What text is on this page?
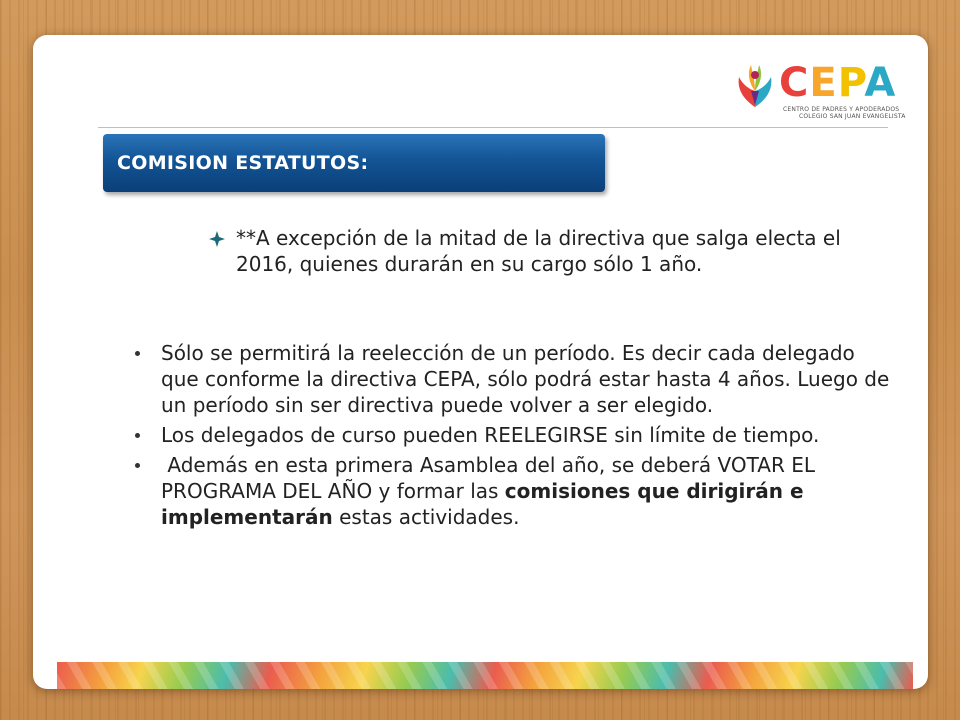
CEPA
CENTRO DE PADRES Y APODERADOS
COLEGIO SAN JUAN EVANGELISTA
COMISION ESTATUTOS:
**A excepción de la mitad de la directiva que salga electa el 2016, quienes durarán en su cargo sólo 1 año.
Sólo se permitirá la reelección de un período. Es decir cada delegado que conforme la directiva CEPA, sólo podrá estar hasta 4 años. Luego de un período sin ser directiva puede volver a ser elegido.
Los delegados de curso pueden REELEGIRSE sin límite de tiempo.
Además en esta primera Asamblea del año, se deberá VOTAR EL PROGRAMA DEL AÑO y formar las comisiones que dirigirán e implementarán estas actividades.
